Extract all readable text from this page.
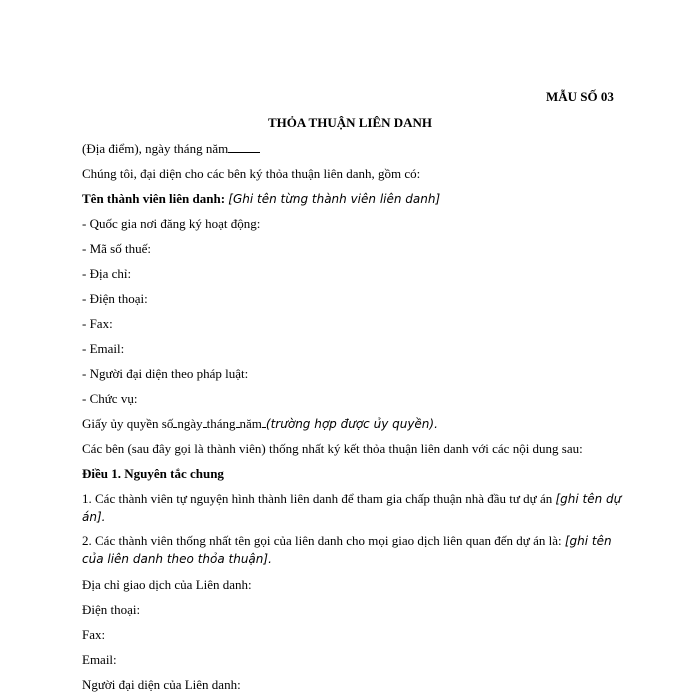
MẪU SỐ 03
THỎA THUẬN LIÊN DANH
(Địa điểm), ngày tháng năm
Chúng tôi, đại diện cho các bên ký thỏa thuận liên danh, gồm có:
Tên thành viên liên danh: [Ghi tên từng thành viên liên danh]
- Quốc gia nơi đăng ký hoạt động:
- Mã số thuế:
- Địa chỉ:
- Điện thoại:
- Fax:
- Email:
- Người đại diện theo pháp luật:
- Chức vụ:
Giấy ủy quyền số ngày tháng năm (trường hợp được ủy quyền).
Các bên (sau đây gọi là thành viên) thống nhất ký kết thỏa thuận liên danh với các nội dung sau:
Điều 1. Nguyên tắc chung
1. Các thành viên tự nguyện hình thành liên danh để tham gia chấp thuận nhà đầu tư dự án [ghi tên dự án].
2. Các thành viên thống nhất tên gọi của liên danh cho mọi giao dịch liên quan đến dự án là: [ghi tên của liên danh theo thỏa thuận].
Địa chỉ giao dịch của Liên danh:
Điện thoại:
Fax:
Email:
Người đại diện của Liên danh:
